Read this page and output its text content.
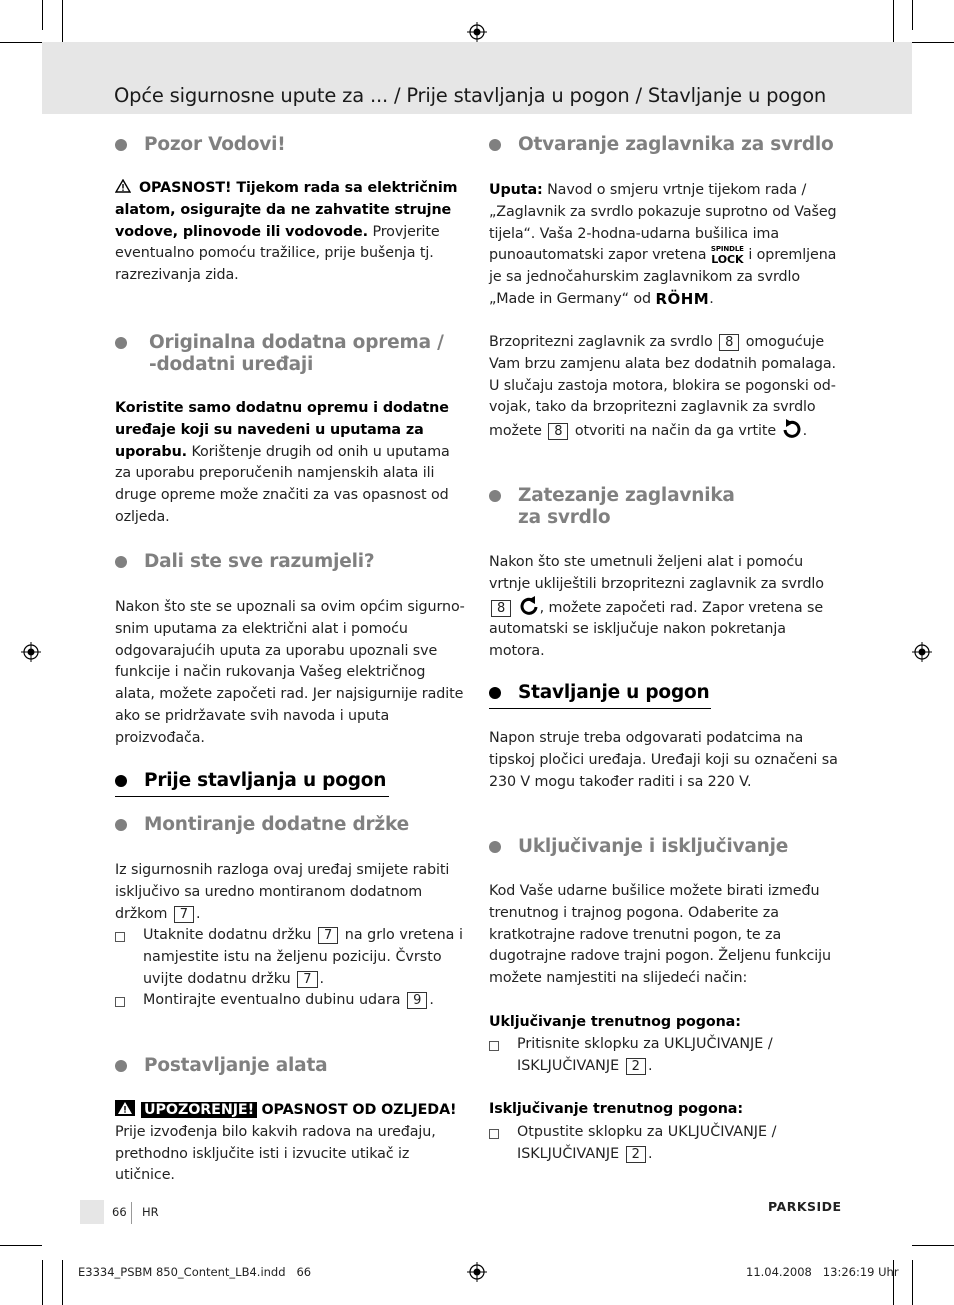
Opće sigurnosne upute za ... / Prije stavljanja u pogon / Stavljanje u pogon
Pozor Vodovi!
OPASNOST! Tijekom rada sa električnim alatom, osigurajte da ne zahvatite strujne vodove, plinovode ili vodovode. Provjerite eventualno pomoću tražilice, prije bušenja tj. razrezivanja zida.
Originalna dodatna oprema /
-dodatni uređaji
Koristite samo dodatnu opremu i dodatne uređaje koji su navedeni u uputama za uporabu. Korištenje drugih od onih u uputama za uporabu preporučenih namjenskih alata ili druge opreme može značiti za vas opasnost od ozljeda.
Dali ste sve razumjeli?
Nakon što ste se upoznali sa ovim općim sigurnosnim uputama za električni alat i pomoću odgovarajućih uputa za uporabu upoznali sve funkcije i način rukovanja Vašeg električnog alata, možete započeti rad. Jer najsigurnije radite ako se pridržavate svih navoda i uputa proizvođača.
Prije stavljanja u pogon
Montiranje dodatne držke
Iz sigurnosnih razloga ovaj uređaj smijete rabiti isključivo sa uredno montiranom dodatnom držkom 7 .
Utaknite dodatnu držku 7 na grlo vretena i namjestite istu na željenu poziciju. Čvrsto uvijte dodatnu držku 7 .
Montirajte eventualno dubinu udara 9 .
Postavljanje alata
UPOZORENJE! OPASNOST OD OZLJEDA! Prije izvođenja bilo kakvih radova na uređaju, prethodno isključite isti i izvucite utikač iz utičnice.
Otvaranje zaglavnika za svrdlo
Uputa: Navod o smjeru vrtnje tijekom rada / „Zaglavnik za svrdlo pokazuje suprotno od Vašeg tijela“. Vaša 2-hodna-udarna bušilica ima punoautomatski zapor vretena SPINDLE
LOCK i opremljena je sa jednočahurskim zaglavnikom za svrdlo „Made in Germany“ od RÖHM.
Brzopritezni zaglavnik za svrdlo 8 omogućuje Vam brzu zamjenu alata bez dodatnih pomalaga. U slučaju zastoja motora, blokira se pogonski odvojak, tako da brzopritezni zaglavnik za svrdlo možete 8 otvoriti na način da ga vrtite .
Zatezanje zaglavnika
za svrdlo
Nakon što ste umetnuli željeni alat i pomoću vrtnje ukliještili brzopritezni zaglavnik za svrdlo 8 , možete započeti rad. Zapor vretena se automatski se isključuje nakon pokretanja motora.
Stavljanje u pogon
Napon struje treba odgovarati podatcima na tipskoj pločici uređaja. Uređaji koji su označeni sa 230 V mogu također raditi i sa 220 V.
Uključivanje i isključivanje
Kod Vaše udarne bušilice možete birati između trenutnog i trajnog pogona. Odaberite za kratkotrajne radove trenutni pogon, te za dugotrajne radove trajni pogon. Željenu funkciju možete namjestiti na slijedeći način:
Uključivanje trenutnog pogona:
Pritisnite sklopku za UKLJUČIVANJE / ISKLJUČIVANJE 2 .
Isključivanje trenutnog pogona:
Otpustite sklopku za UKLJUČIVANJE / ISKLJUČIVANJE 2 .
66 HR	PARKSIDE
E3334_PSBM 850_Content_LB4.indd   66	11.04.2008   13:26:19 Uhr
